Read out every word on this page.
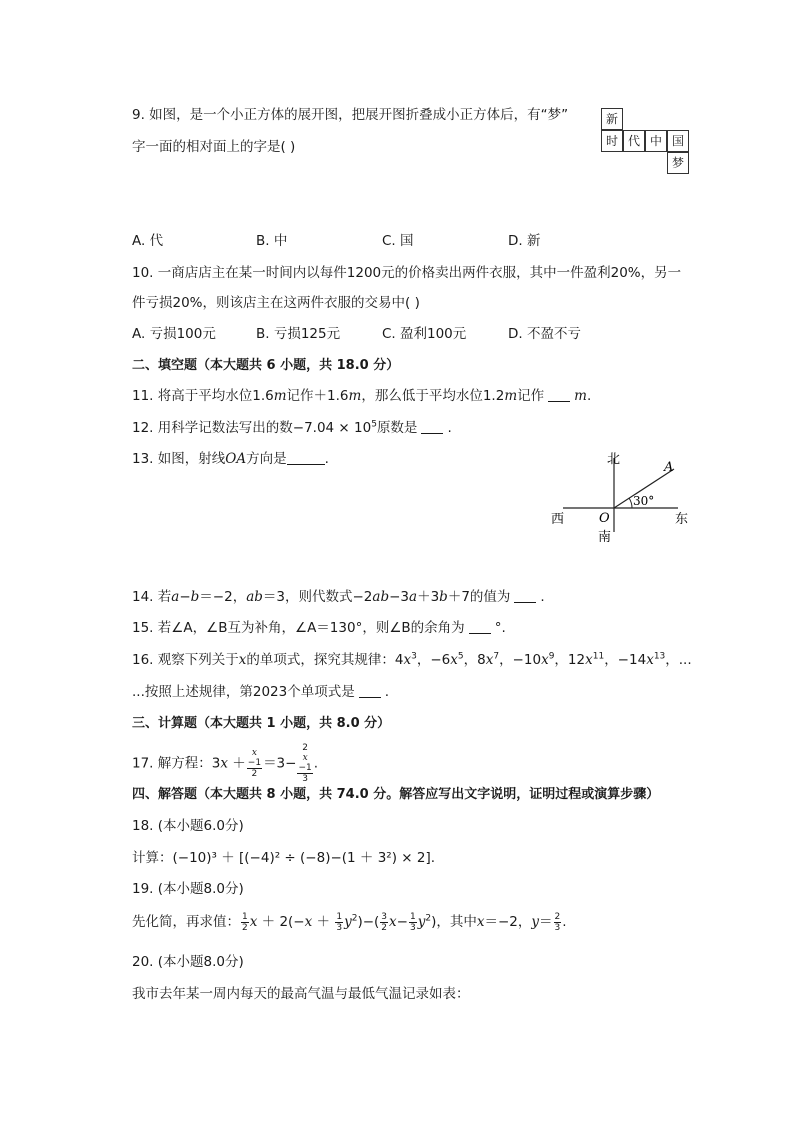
9. 如图，是一个小正方体的展开图，把展开图折叠成小正方体后，有“梦”
字一面的相对面上的字是( )
新
时 代 中 国
梦
A. 代	B. 中	C. 国	D. 新
10. 一商店店主在某一时间内以每件1200元的价格卖出两件衣服，其中一件盈利20%，另一
件亏损20%，则该店主在这两件衣服的交易中( )
A. 亏损100元	B. 亏损125元	C. 盈利100元	D. 不盈不亏
二、填空题（本大题共 6 小题，共 18.0 分）
11. 将高于平均水位1.6m记作＋1.6m，那么低于平均水位1.2m记作 m.
12. 用科学记数法写出的数$-7.04 \times 10^5$原数是 .
13. 如图，射线OA方向是	.	北
南
西	东
O
A
30°
14. 若a−b＝−2，ab＝3，则代数式−2ab−3a＋3b＋7的值为 .
15. 若∠A，∠B互为补角，∠A＝130°，则∠B的余角为 °.
16. 观察下列关于x的单项式，探究其规律：$4x^3$，$-6x^5$，$8x^7$，$-10x^9$，$12x^{11}$，$-14x^{13}$，...
...按照上述规律，第2023个单项式是 .
三、计算题（本大题共 1 小题，共 8.0 分）
17. 解方程：3x ＋ x
−1
2 ＝3− 2
x
−1
3 .
四、解答题（本大题共 8 小题，共 74.0 分。解答应写出文字说明，证明过程或演算步骤）
18. (本小题6.0分)
计算：(−10)³ ＋ [(−4)² ÷ (−8)−(1 ＋ 3²) × 2].
19. (本小题8.0分)
先化简，再求值： $\frac{1}{2}$ $x + 2(-x + \frac{1}{3} y^2)-( \frac{3}{2} x- \frac{1}{3} y^2)$，其中x＝−2，$y= \frac{2}{3}$ .
20. (本小题8.0分)
我市去年某一周内每天的最高气温与最低气温记录如表：
